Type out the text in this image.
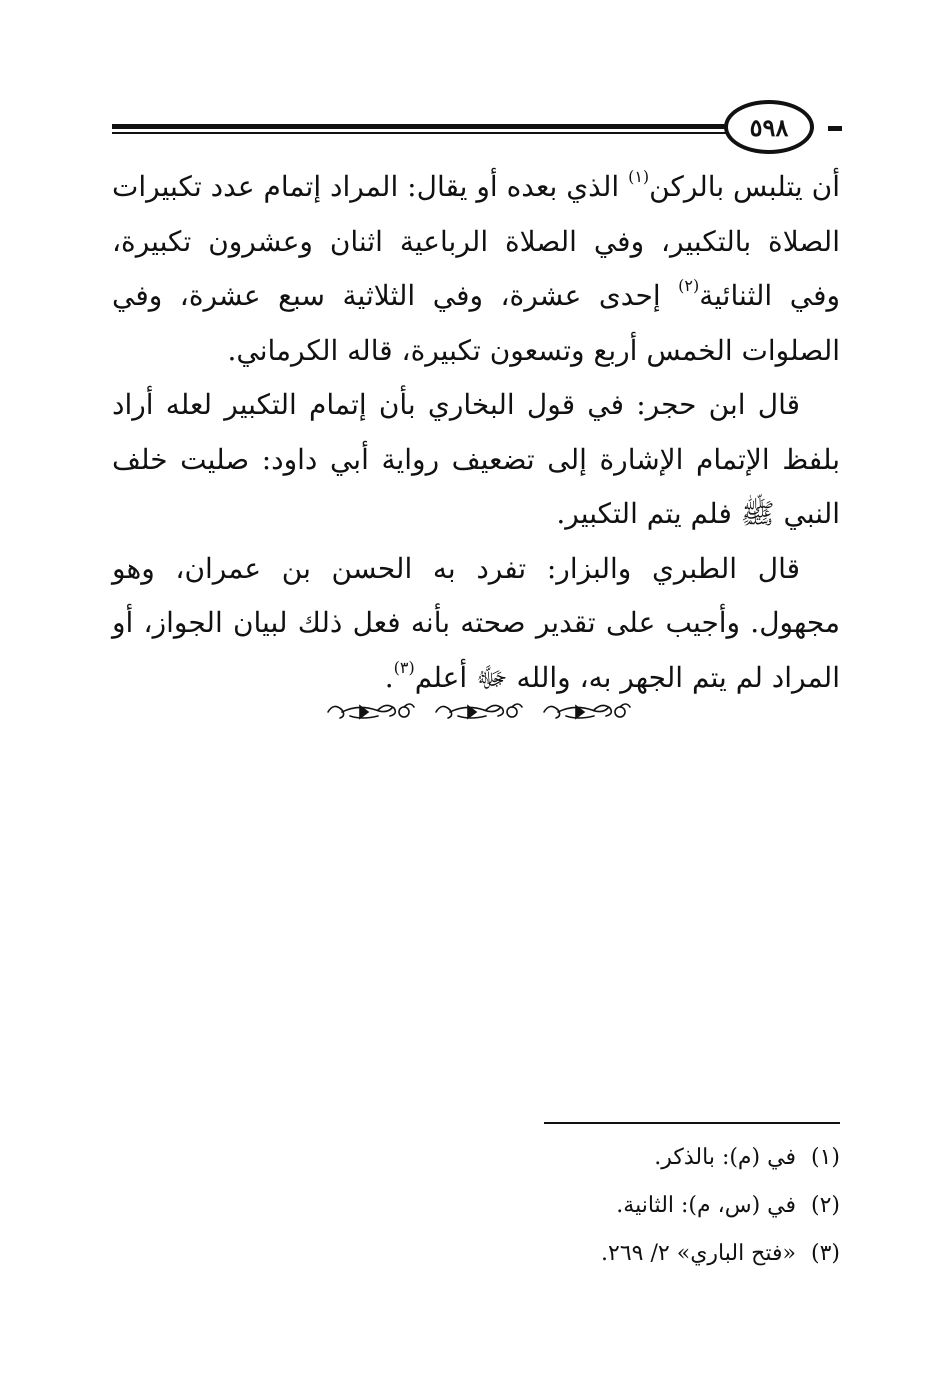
٥٩٨

أن يتلبس بالركن$^{(١)}$ الذي بعده أو يقال: المراد إتمام عدد تكبيرات الصلاة بالتكبير، وفي الصلاة الرباعية اثنان وعشرون تكبيرة، وفي الثنائية$^{(٢)}$ إحدى عشرة، وفي الثلاثية سبع عشرة، وفي الصلوات الخمس أربع وتسعون تكبيرة، قاله الكرماني.

قال ابن حجر: في قول البخاري بأن إتمام التكبير لعله أراد بلفظ الإتمام الإشارة إلى تضعيف رواية أبي داود: صليت خلف النبي ﷺ فلم يتم التكبير.

قال الطبري والبزار: تفرد به الحسن بن عمران، وهو مجهول. وأجيب على تقدير صحته بأنه فعل ذلك لبيان الجواز، أو المراد لم يتم الجهر به، والله ﷻ أعلم$^{(٣)}$.

(١)في (م): بالذكر.
(٢)في (س، م): الثانية.
(٣)«فتح الباري» ٢/ ٢٦٩.
